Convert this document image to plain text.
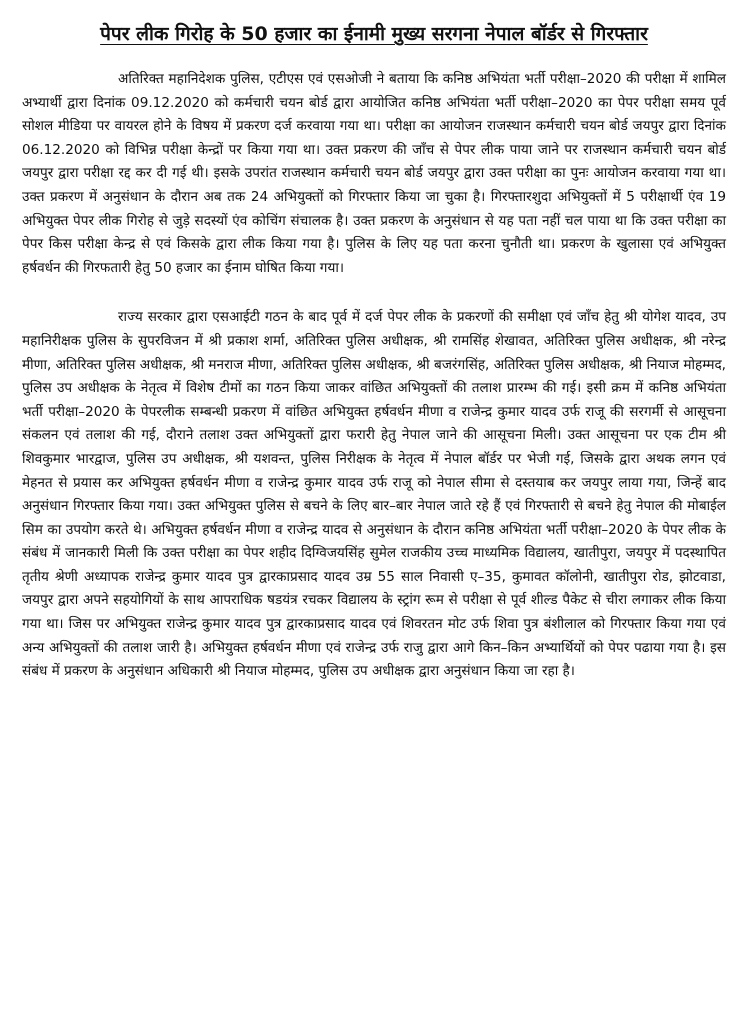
पेपर लीक गिरोह के 50 हजार का ईनामी मुख्य सरगना नेपाल बॉर्डर से गिरफ्तार

अतिरिक्त महानिदेशक पुलिस, एटीएस एवं एसओजी ने बताया कि कनिष्ठ अभियंता भर्ती परीक्षा–2020 की परीक्षा में शामिल अभ्यार्थी द्वारा दिनांक 09.12.2020 को कर्मचारी चयन बोर्ड द्वारा आयोजित कनिष्ठ अभियंता भर्ती परीक्षा–2020 का पेपर परीक्षा समय पूर्व सोशल मीडिया पर वायरल होने के विषय में प्रकरण दर्ज करवाया गया था। परीक्षा का आयोजन राजस्थान कर्मचारी चयन बोर्ड जयपुर द्वारा दिनांक 06.12.2020 को विभिन्न परीक्षा केन्द्रों पर किया गया था। उक्त प्रकरण की जाँच से पेपर लीक पाया जाने पर राजस्थान कर्मचारी चयन बोर्ड जयपुर द्वारा परीक्षा रद्द कर दी गई थी। इसके उपरांत राजस्थान कर्मचारी चयन बोर्ड जयपुर द्वारा उक्त परीक्षा का पुनः आयोजन करवाया गया था। उक्त प्रकरण में अनुसंधान के दौरान अब तक 24 अभियुक्तों को गिरफ्तार किया जा चुका है। गिरफ्तारशुदा अभियुक्तों में 5 परीक्षार्थी एंव 19 अभियुक्त पेपर लीक गिरोह से जुड़े सदस्यों एंव कोचिंग संचालक है। उक्त प्रकरण के अनुसंधान से यह पता नहीं चल पाया था कि उक्त परीक्षा का पेपर किस परीक्षा केन्द्र से एवं किसके द्वारा लीक किया गया है। पुलिस के लिए यह पता करना चुनौती था। प्रकरण के खुलासा एवं अभियुक्त हर्षवर्धन की गिरफतारी हेतु 50 हजार का ईनाम घोषित किया गया।

राज्य सरकार द्वारा एसआईटी गठन के बाद पूर्व में दर्ज पेपर लीक के प्रकरणों की समीक्षा एवं जाँच हेतु श्री योगेश यादव, उप महानिरीक्षक पुलिस के सुपरविजन में श्री प्रकाश शर्मा, अतिरिक्त पुलिस अधीक्षक, श्री रामसिंह शेखावत, अतिरिक्त पुलिस अधीक्षक, श्री नरेन्द्र मीणा, अतिरिक्त पुलिस अधीक्षक, श्री मनराज मीणा, अतिरिक्त पुलिस अधीक्षक, श्री बजरंगसिंह, अतिरिक्त पुलिस अधीक्षक, श्री नियाज मोहम्मद, पुलिस उप अधीक्षक के नेतृत्व में विशेष टीमों का गठन किया जाकर वांछित अभियुक्तों की तलाश प्रारम्भ की गई। इसी क्रम में कनिष्ठ अभियंता भर्ती परीक्षा–2020 के पेपरलीक सम्बन्धी प्रकरण में वांछित अभियुक्त हर्षवर्धन मीणा व राजेन्द्र कुमार यादव उर्फ राजू की सरगर्मी से आसूचना संकलन एवं तलाश की गई, दौराने तलाश उक्त अभियुक्तों द्वारा फरारी हेतु नेपाल जाने की आसूचना मिली। उक्त आसूचना पर एक टीम श्री शिवकुमार भारद्वाज, पुलिस उप अधीक्षक, श्री यशवन्त, पुलिस निरीक्षक के नेतृत्व में नेपाल बॉर्डर पर भेजी गई, जिसके द्वारा अथक लगन एवं मेहनत से प्रयास कर अभियुक्त हर्षवर्धन मीणा व राजेन्द्र कुमार यादव उर्फ राजू को नेपाल सीमा से दस्तयाब कर जयपुर लाया गया, जिन्हें बाद अनुसंधान गिरफ्तार किया गया। उक्त अभियुक्त पुलिस से बचने के लिए बार–बार नेपाल जाते रहे हैं एवं गिरफ्तारी से बचने हेतु नेपाल की मोबाईल सिम का उपयोग करते थे। अभियुक्त हर्षवर्धन मीणा व राजेन्द्र यादव से अनुसंधान के दौरान कनिष्ठ अभियंता भर्ती परीक्षा–2020 के पेपर लीक के संबंध में जानकारी मिली कि उक्त परीक्षा का पेपर शहीद दिग्विजयसिंह सुमेल राजकीय उच्च माध्यमिक विद्यालय, खातीपुरा, जयपुर में पदस्थापित तृतीय श्रेणी अध्यापक राजेन्द्र कुमार यादव पुत्र द्वारकाप्रसाद यादव उम्र 55 साल निवासी ए–35, कुमावत कॉलोनी, खातीपुरा रोड, झोटवाडा, जयपुर द्वारा अपने सहयोगियों के साथ आपराधिक षडयंत्र रचकर विद्यालय के स्ट्रांग रूम से परीक्षा से पूर्व शील्ड पैकेट से चीरा लगाकर लीक किया गया था। जिस पर अभियुक्त राजेन्द्र कुमार यादव पुत्र द्वारकाप्रसाद यादव एवं शिवरतन मोट उर्फ शिवा पुत्र बंशीलाल को गिरफ्तार किया गया एवं अन्य अभियुक्तों की तलाश जारी है। अभियुक्त हर्षवर्धन मीणा एवं राजेन्द्र उर्फ राजु द्वारा आगे किन–किन अभ्यार्थियों को पेपर पढाया गया है। इस संबंध में प्रकरण के अनुसंधान अधिकारी श्री नियाज मोहम्मद, पुलिस उप अधीक्षक द्वारा अनुसंधान किया जा रहा है।
